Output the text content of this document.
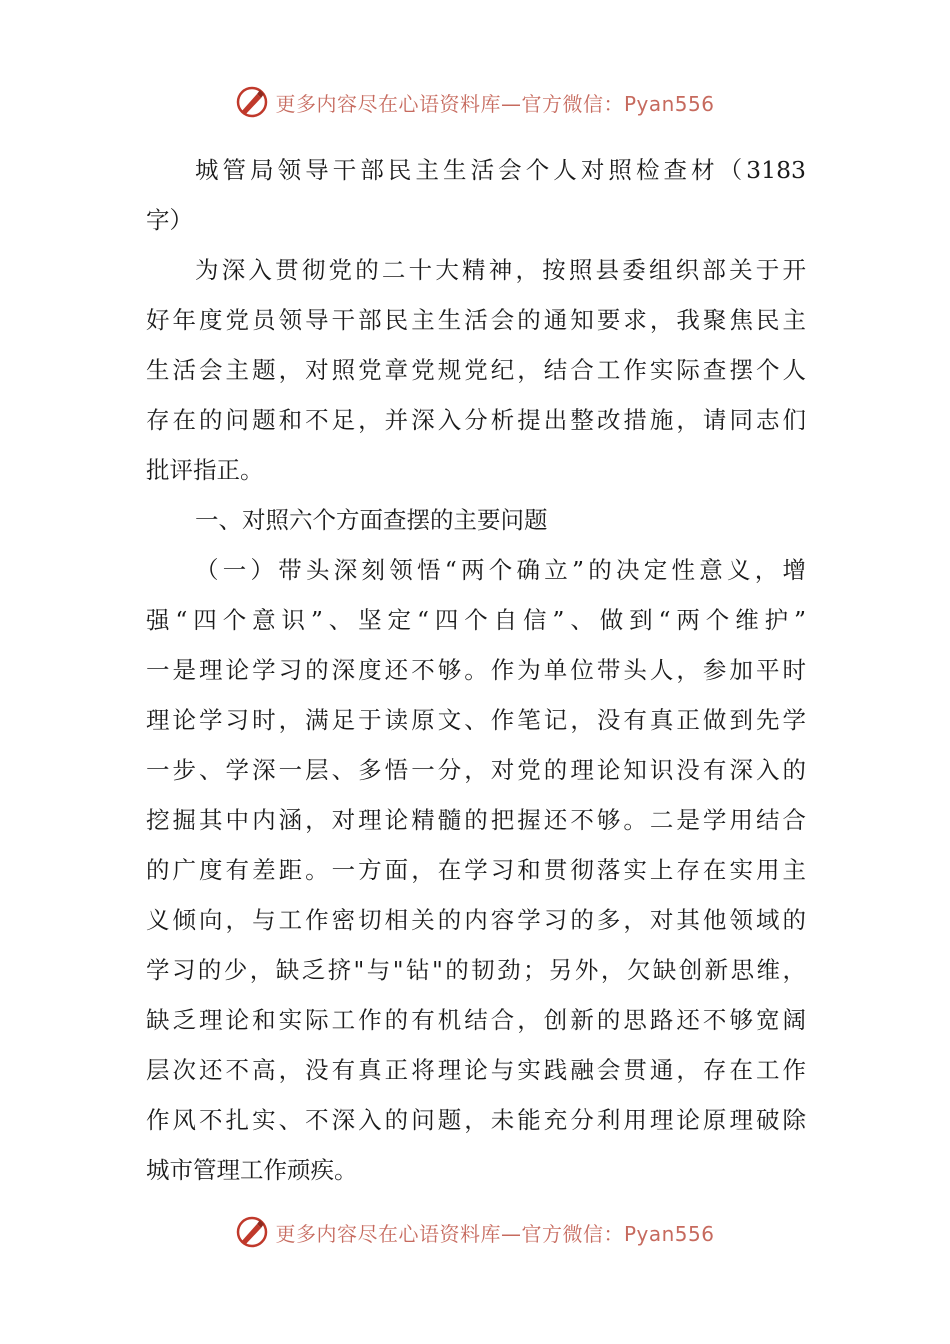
更多内容尽在心语资料库—官方微信：Pyan556
城管局领导干部民主生活会个人对照检查材（3183
字）
为深入贯彻党的二十大精神，按照县委组织部关于开
好年度党员领导干部民主生活会的通知要求，我聚焦民主
生活会主题，对照党章党规党纪，结合工作实际查摆个人
存在的问题和不足，并深入分析提出整改措施，请同志们
批评指正。
一、对照六个方面查摆的主要问题
（一）带头深刻领悟“两个确立”的决定性意义，增
强“四个意识”、坚定“四个自信”、做到“两个维护”
一是理论学习的深度还不够。作为单位带头人，参加平时
理论学习时，满足于读原文、作笔记，没有真正做到先学
一步、学深一层、多悟一分，对党的理论知识没有深入的
挖掘其中内涵，对理论精髓的把握还不够。二是学用结合
的广度有差距。一方面，在学习和贯彻落实上存在实用主
义倾向，与工作密切相关的内容学习的多，对其他领域的
学习的少，缺乏挤"与"钻"的韧劲；另外，欠缺创新思维，
缺乏理论和实际工作的有机结合，创新的思路还不够宽阔
层次还不高，没有真正将理论与实践融会贯通，存在工作
作风不扎实、不深入的问题，未能充分利用理论原理破除
城市管理工作顽疾。
更多内容尽在心语资料库—官方微信：Pyan556
